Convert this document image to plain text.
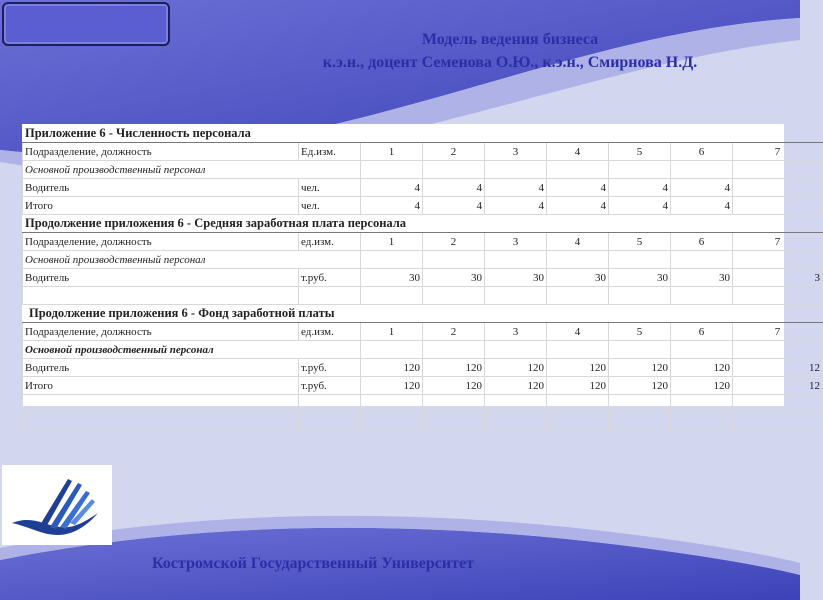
Модель ведения бизнеса
к.э.н., доцент Семенова О.Ю., к.э.н., Смирнова Н.Д.
Приложение 6 - Численность персонала								
Подразделение, должность	Ед.изм.	1	2	3	4	5	6	7
Основной производственный персонал								
Водитель	чел.	4	4	4	4	4	4	
Итого	чел.	4	4	4	4	4	4	
Продолжение приложения 6 - Средняя заработная плата персонала								
Подразделение, должность	ед.изм.	1	2	3	4	5	6	7
Основной производственный персонал								
Водитель	т.руб.	30	30	30	30	30	30	3

Продолжение приложения 6 - Фонд заработной платы								
Подразделение, должность	ед.изм.	1	2	3	4	5	6	7
Основной производственный персонал								
Водитель	т.руб.	120	120	120	120	120	120	12
Итого	т.руб.	120	120	120	120	120	120	12

Костромской Государственный Университет
